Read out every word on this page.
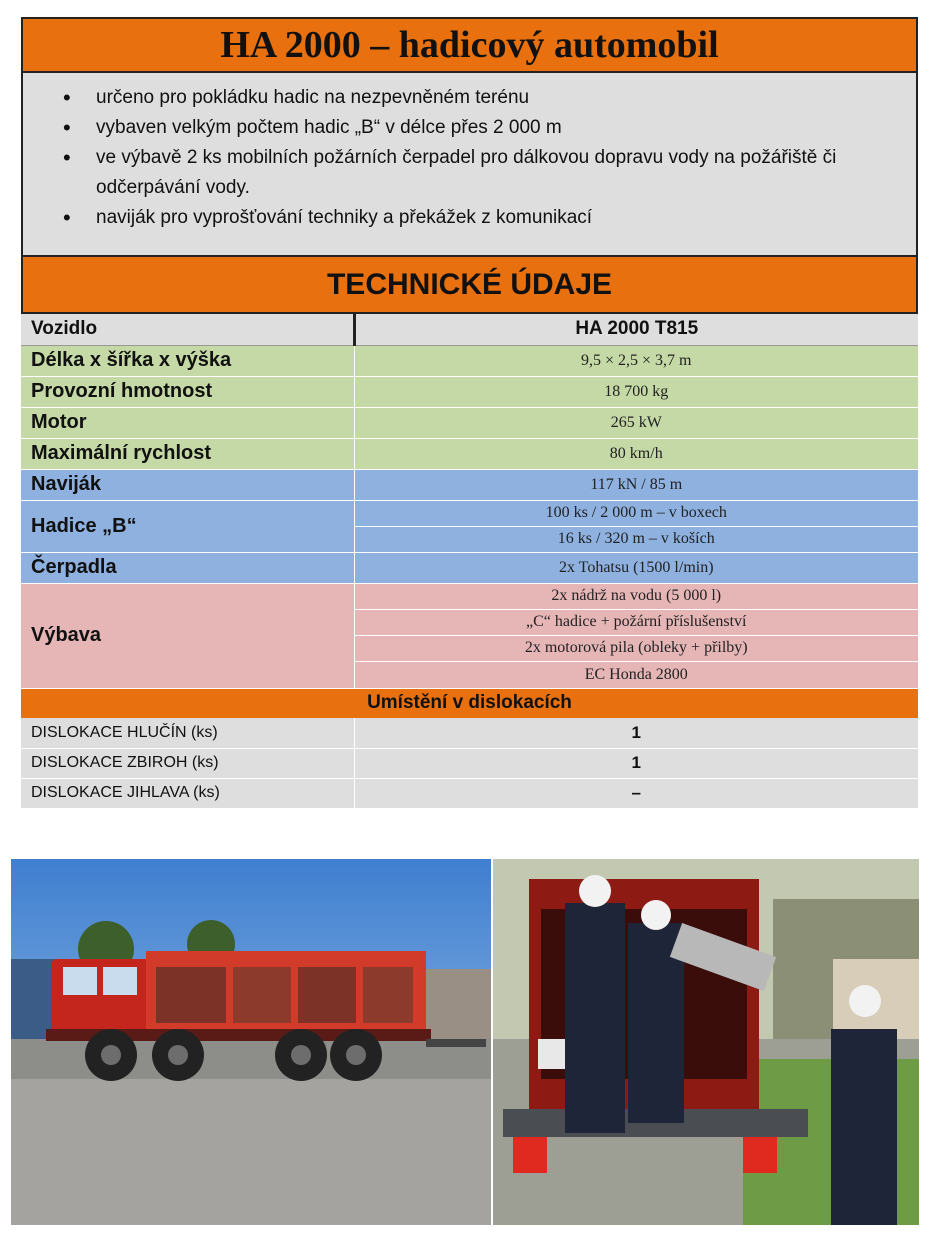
HA 2000 – hadicový automobil
• určeno pro pokládku hadic na nezpevněném terénu
• vybaven velkým počtem hadic „B“ v délce přes 2 000 m
• ve výbavě 2 ks mobilních požárních čerpadel pro dálkovou dopravu vody na požářiště či odčerpávání vody.
• naviják pro vyprošťování techniky a překážek z komunikací
TECHNICKÉ ÚDAJE
Vozidlo	HA 2000 T815
Délka x šířka x výška	9,5 × 2,5 × 3,7 m
Provozní hmotnost	18 700 kg
Motor	265 kW
Maximální rychlost	80 km/h
Naviják	117 kN / 85 m
Hadice „B“	100 ks / 2 000 m – v boxech
	16 ks / 320 m – v koších
Čerpadla	2x Tohatsu (1500 l/min)
Výbava	2x nádrž na vodu (5 000 l)
	„C“ hadice + požární příslušenství
	2x motorová pila (obleky + přilby)
	EC Honda 2800
Umístění v dislokacích	
DISLOKACE HLUČÍN (ks)	1
DISLOKACE ZBIROH (ks)	1
DISLOKACE JIHLAVA (ks)	–
